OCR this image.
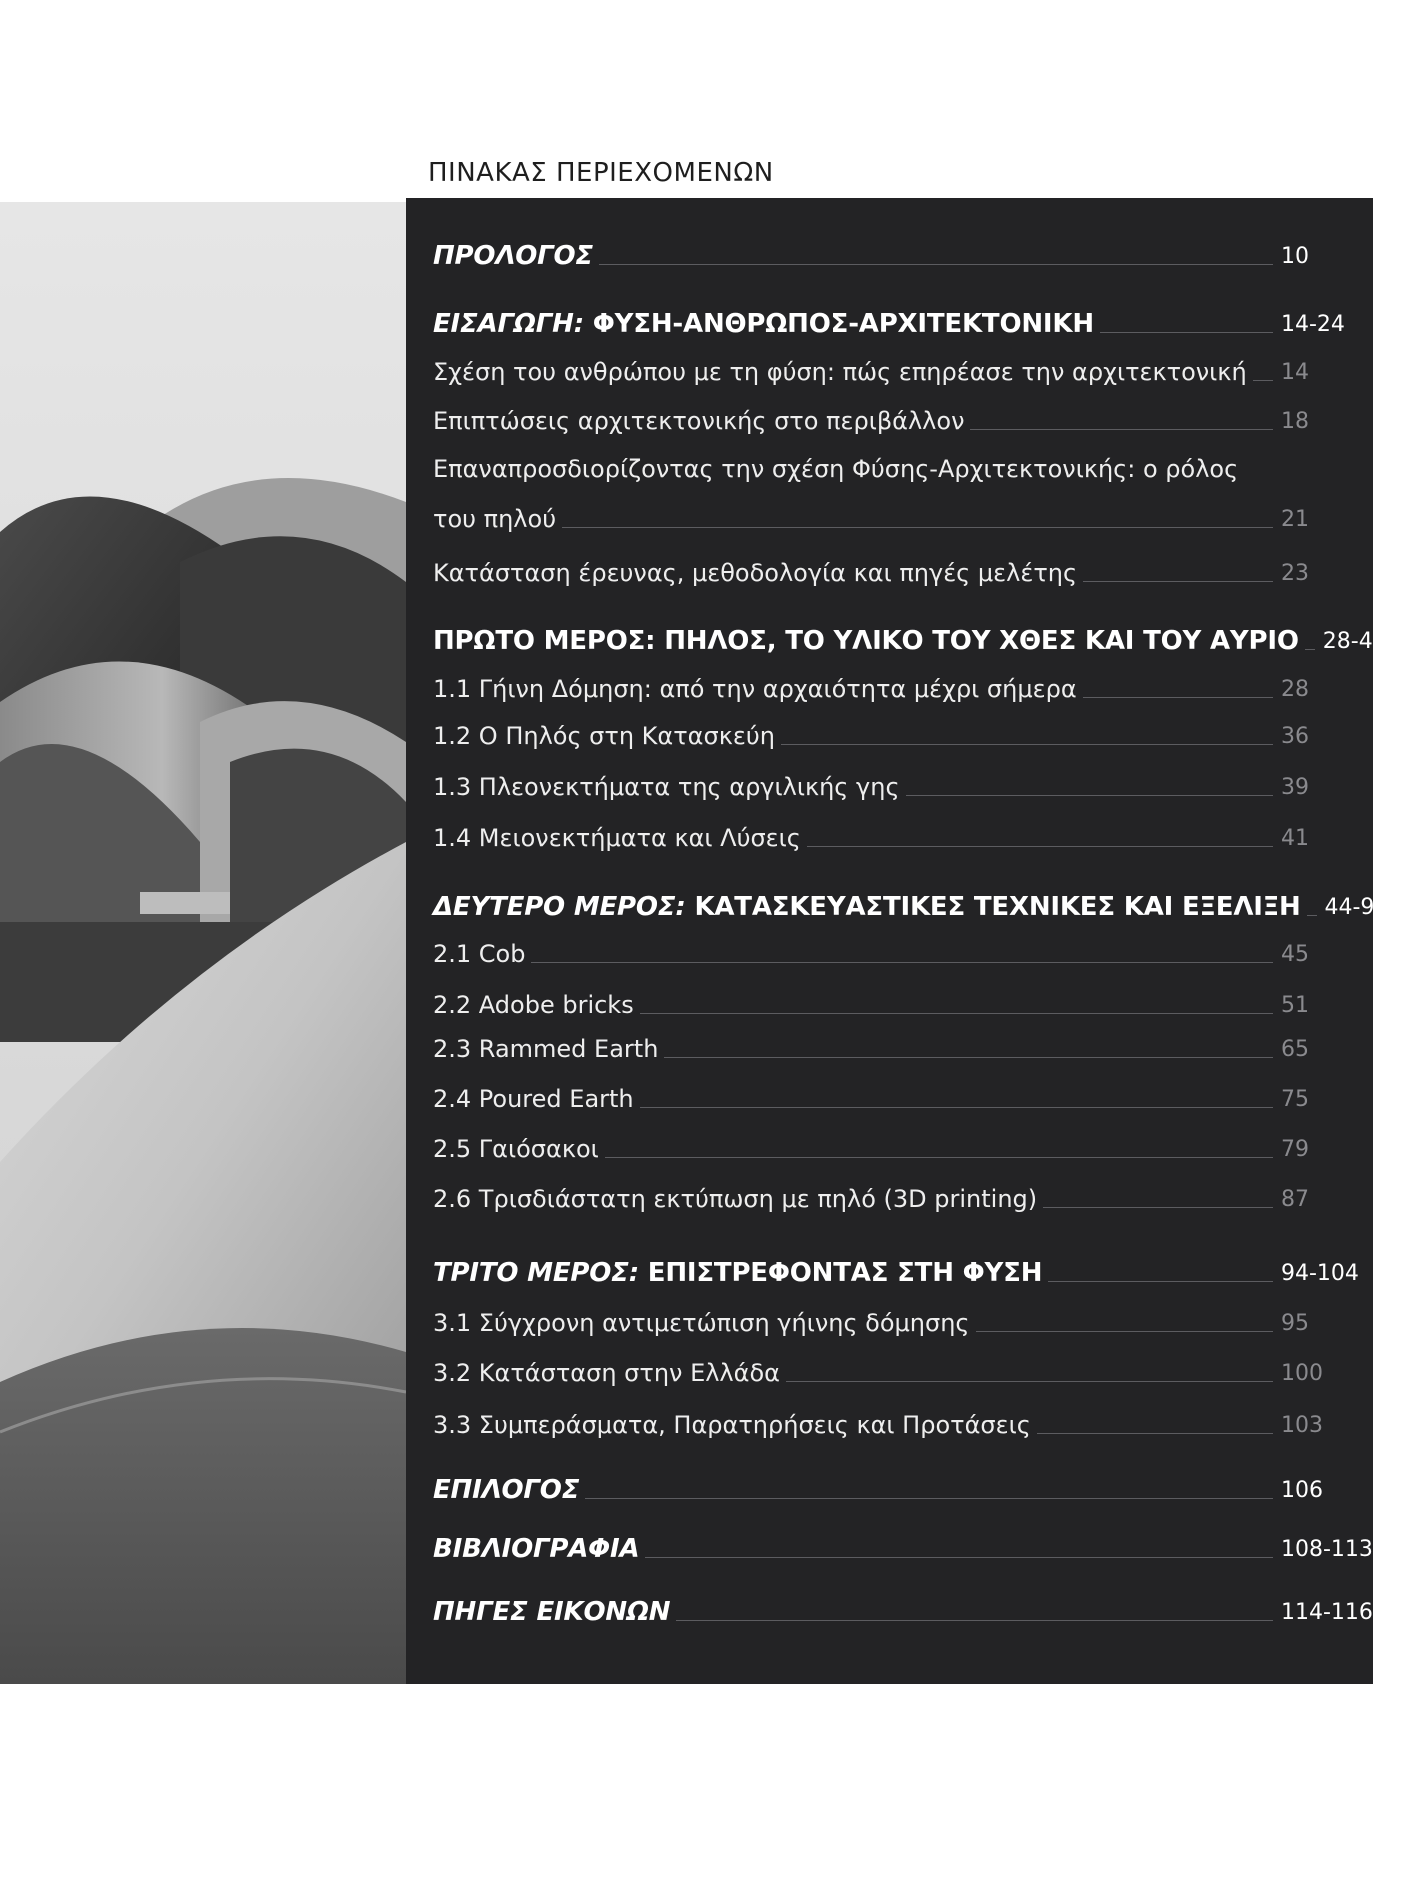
ΠΙΝΑΚΑΣ ΠΕΡΙΕΧΟΜΕΝΩΝ
ΠΡΟΛΟΓΟΣ	10
ΕΙΣΑΓΩΓΗ: ΦΥΣΗ-ΑΝΘΡΩΠΟΣ-ΑΡΧΙΤΕΚΤΟΝΙΚΗ	14-24
Σχέση του ανθρώπου με τη φύση: πώς επηρέασε την αρχιτεκτονική	14
Επιπτώσεις αρχιτεκτονικής στο περιβάλλον	18
Επαναπροσδιορίζοντας την σχέση Φύσης-Αρχιτεκτονικής: ο ρόλος
του πηλού	21
Κατάσταση έρευνας, μεθοδολογία και πηγές μελέτης	23
ΠΡΩΤΟ ΜΕΡΟΣ: ΠΗΛΟΣ, ΤΟ ΥΛΙΚΟ ΤΟΥ ΧΘΕΣ ΚΑΙ ΤΟΥ ΑΥΡΙΟ	28-43
1.1 Γήινη Δόμηση: από την αρχαιότητα μέχρι σήμερα	28
1.2 Ο Πηλός στη Κατασκεύη	36
1.3 Πλεονεκτήματα της αργιλικής γης	39
1.4 Μειονεκτήματα και Λύσεις	41
ΔΕΥΤΕΡΟ ΜΕΡΟΣ: ΚΑΤΑΣΚΕΥΑΣΤΙΚΕΣ ΤΕΧΝΙΚΕΣ ΚΑΙ ΕΞΕΛΙΞΗ	44-93
2.1 Cob	45
2.2 Adobe bricks	51
2.3 Rammed Earth	65
2.4 Poured Earth	75
2.5 Γαιόσακοι	79
2.6 Τρισδιάστατη εκτύπωση με πηλό (3D printing)	87
ΤΡΙΤΟ ΜΕΡΟΣ: ΕΠΙΣΤΡΕΦΟΝΤΑΣ ΣΤΗ ΦΥΣΗ	94-104
3.1 Σύγχρονη αντιμετώπιση γήινης δόμησης	95
3.2 Κατάσταση στην Ελλάδα	100
3.3 Συμπεράσματα, Παρατηρήσεις και Προτάσεις	103
ΕΠΙΛΟΓΟΣ	106
ΒΙΒΛΙΟΓΡΑΦΙΑ	108-113
ΠΗΓΕΣ ΕΙΚΟΝΩΝ	114-116
